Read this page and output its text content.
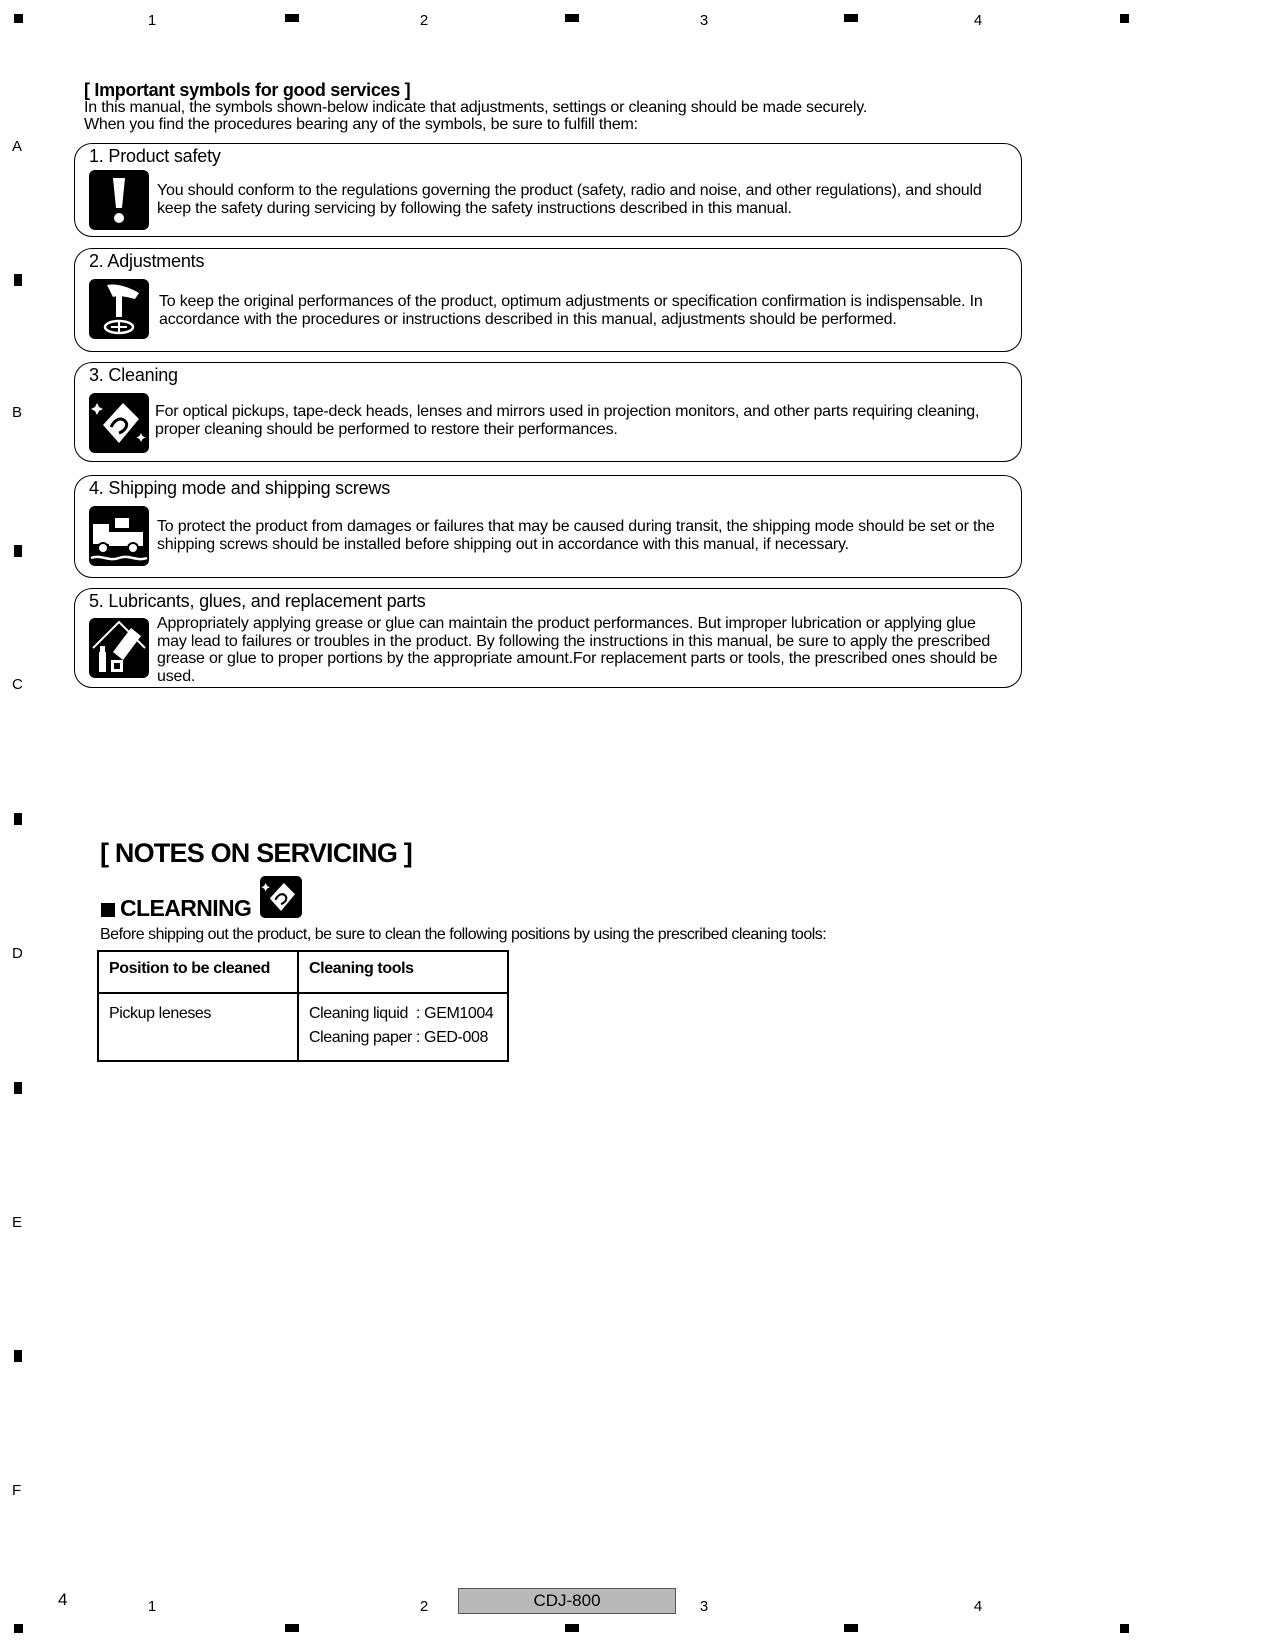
1	2	3	4
A
B
C
D
E
F
[ Important symbols for good services ]
In this manual, the symbols shown-below indicate that adjustments, settings or cleaning should be made securely.
When you find the procedures bearing any of the symbols, be sure to fulfill them:
1. Product safety
You should conform to the regulations governing the product (safety, radio and noise, and other regulations), and should keep the safety during servicing by following the safety instructions described in this manual.
2. Adjustments
To keep the original performances of the product, optimum adjustments or specification confirmation is indispensable. In accordance with the procedures or instructions described in this manual, adjustments should be performed.
3. Cleaning
For optical pickups, tape-deck heads, lenses and mirrors used in projection monitors, and other parts requiring cleaning, proper cleaning should be performed to restore their performances.
4. Shipping mode and shipping screws
To protect the product from damages or failures that may be caused during transit, the shipping mode should be set or the shipping screws should be installed before shipping out in accordance with this manual, if necessary.
5. Lubricants, glues, and replacement parts
Appropriately applying grease or glue can maintain the product performances. But improper lubrication or applying glue may lead to failures or troubles in the product. By following the instructions in this manual, be sure to apply the prescribed grease or glue to proper portions by the appropriate amount.For replacement parts or tools, the prescribed ones should be used.
[ NOTES ON SERVICING ]
CLEARNING
Before shipping out the product, be sure to clean the following positions by using the prescribed cleaning tools:
Position to be cleaned	Cleaning tools
Pickup leneses	Cleaning liquid  : GEM1004
Cleaning paper : GED-008
4	CDJ-800
1	2	3	4
